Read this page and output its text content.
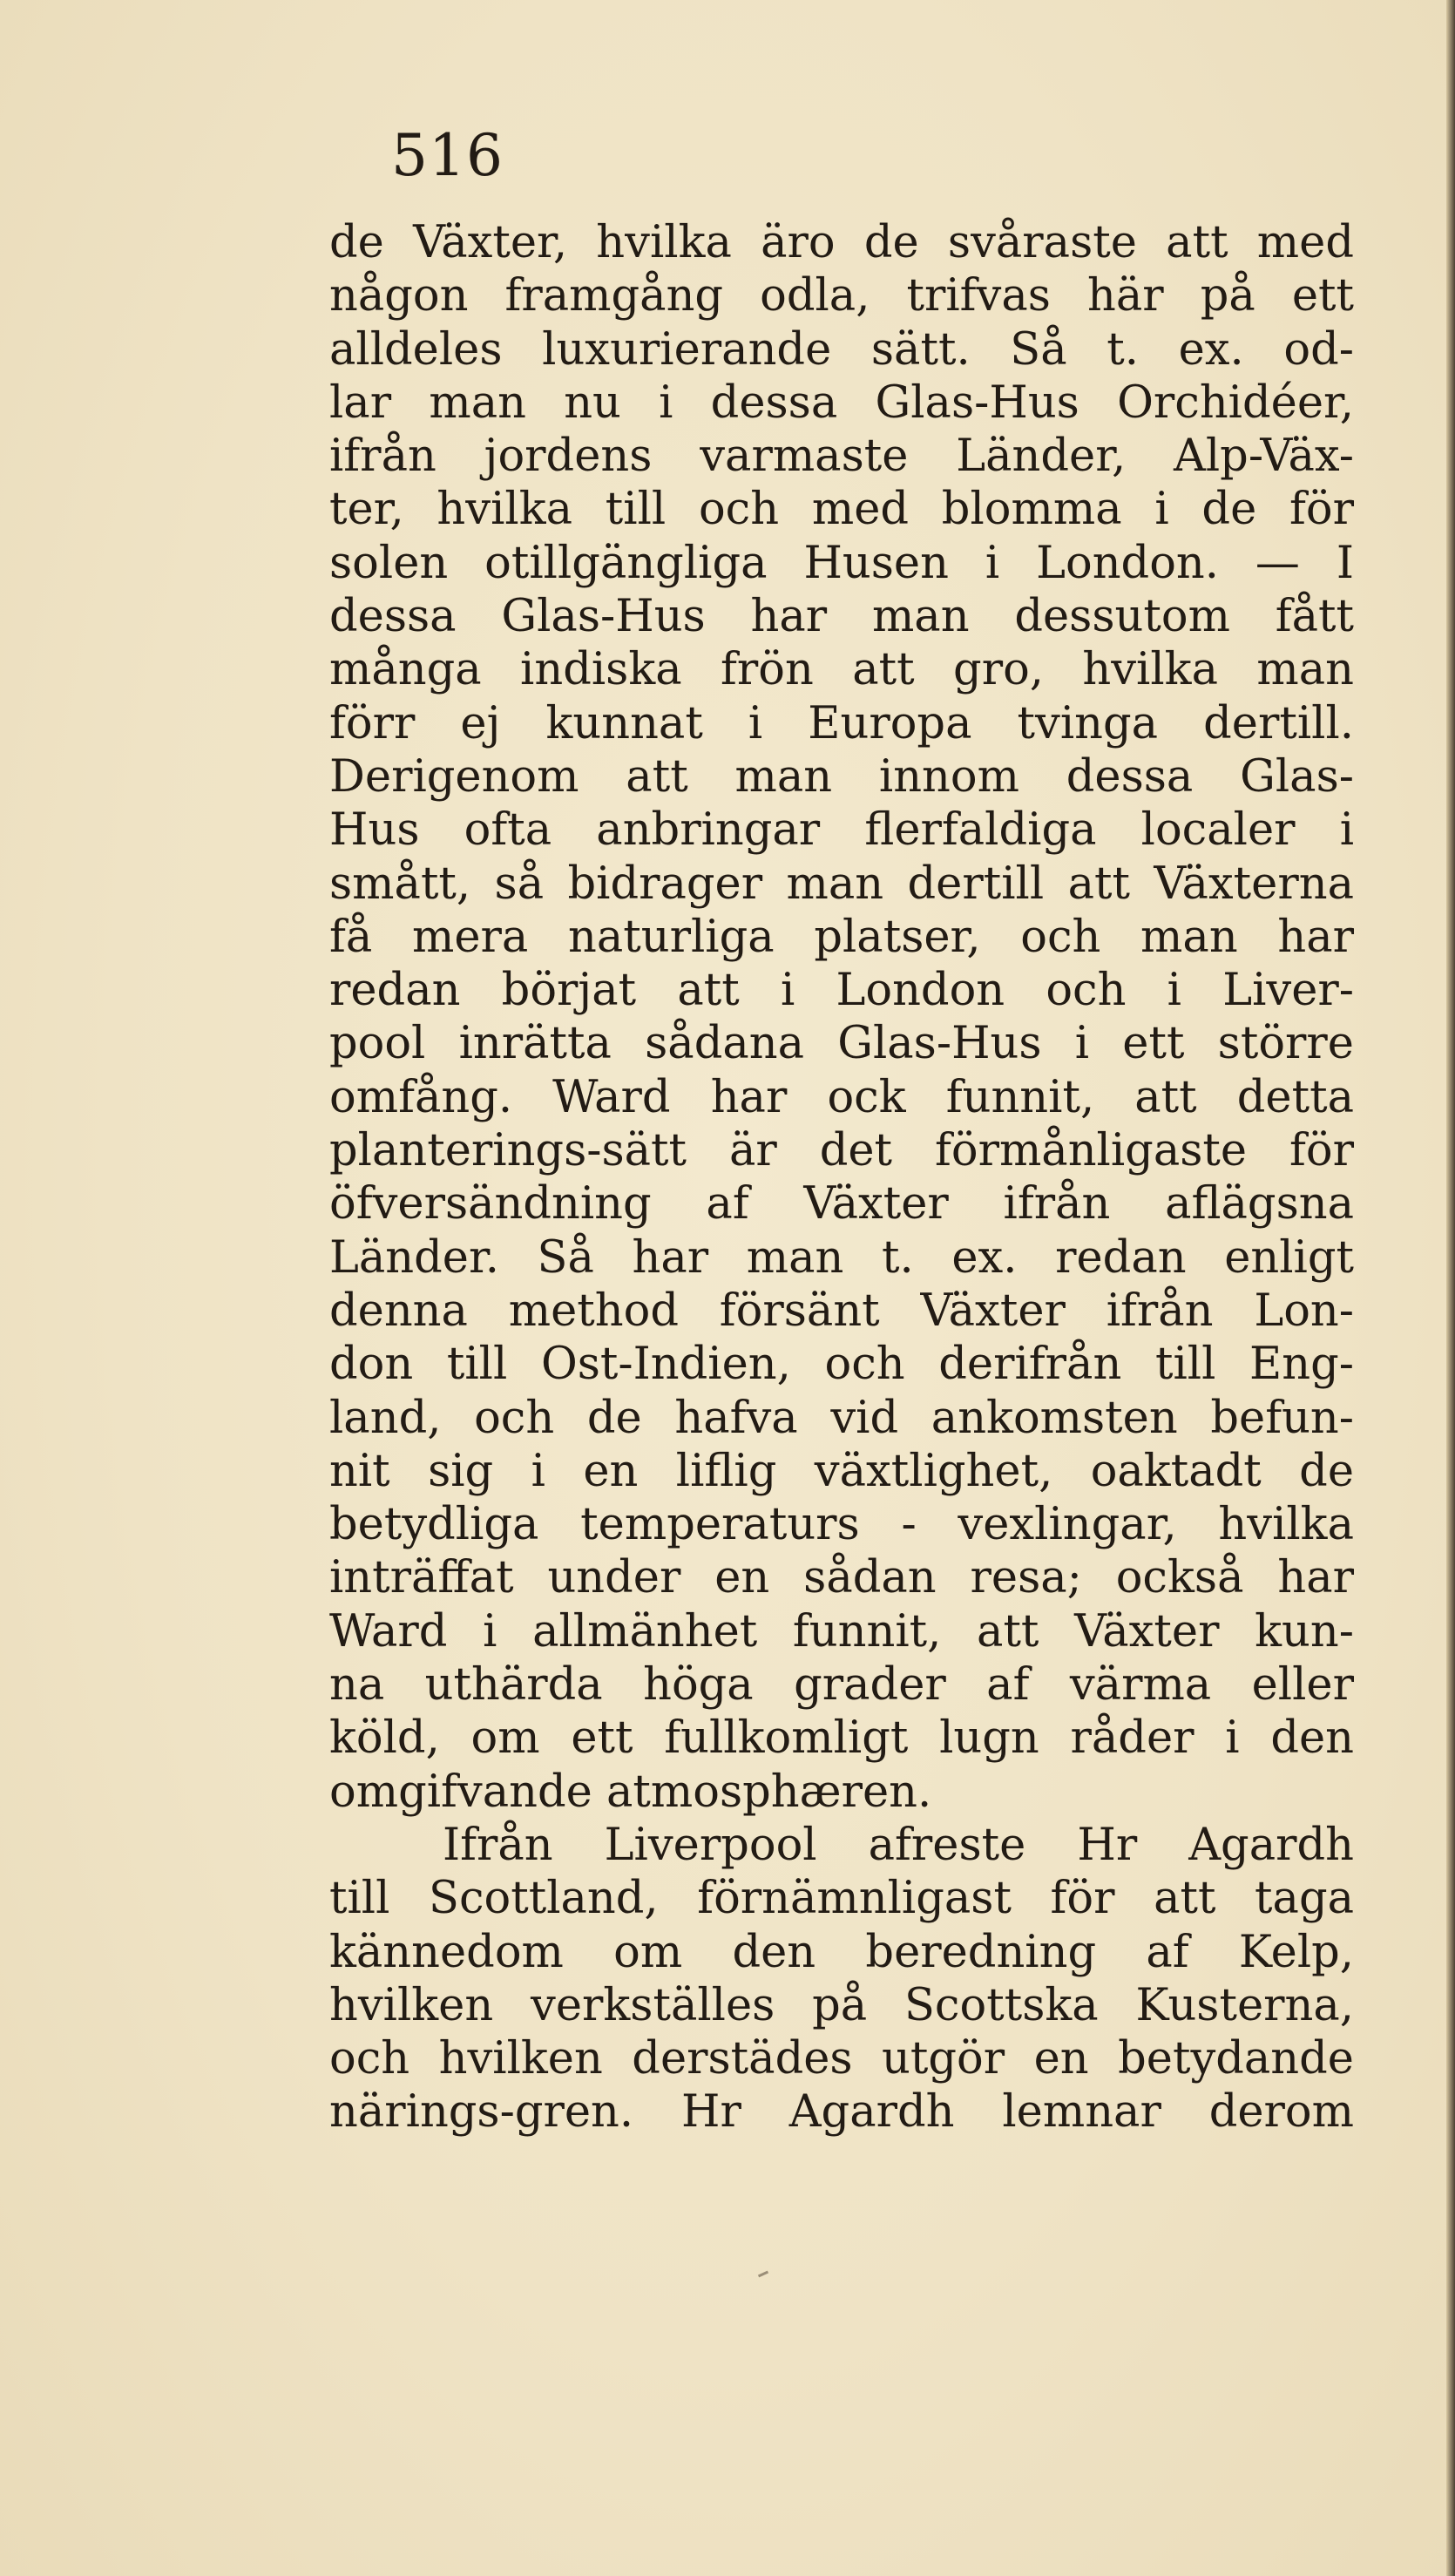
516
de Växter, hvilka äro de svåraste att med
någon framgång odla, trifvas här på ett
alldeles luxurierande sätt. Så t. ex. od-
lar man nu i dessa Glas-Hus Orchidéer,
ifrån jordens varmaste Länder, Alp-Väx-
ter, hvilka till och med blomma i de för
solen otillgängliga Husen i London. — I
dessa Glas-Hus har man dessutom fått
många indiska frön att gro, hvilka man
förr ej kunnat i Europa tvinga dertill.
Derigenom att man innom dessa Glas-
Hus ofta anbringar flerfaldiga localer i
smått, så bidrager man dertill att Växterna
få mera naturliga platser, och man har
redan börjat att i London och i Liver-
pool inrätta sådana Glas-Hus i ett större
omfång. Ward har ock funnit, att detta
planterings-sätt är det förmånligaste för
öfversändning af Växter ifrån aflägsna
Länder. Så har man t. ex. redan enligt
denna method försänt Växter ifrån Lon-
don till Ost-Indien, och derifrån till Eng-
land, och de hafva vid ankomsten befun-
nit sig i en liflig växtlighet, oaktadt de
betydliga temperaturs - vexlingar, hvilka
inträffat under en sådan resa; också har
Ward i allmänhet funnit, att Växter kun-
na uthärda höga grader af värma eller
köld, om ett fullkomligt lugn råder i den
omgifvande atmosphæren.
Ifrån Liverpool afreste Hr Agardh
till Scottland, förnämnligast för att taga
kännedom om den beredning af Kelp,
hvilken verkställes på Scottska Kusterna,
och hvilken derstädes utgör en betydande
närings-gren. Hr Agardh lemnar derom
